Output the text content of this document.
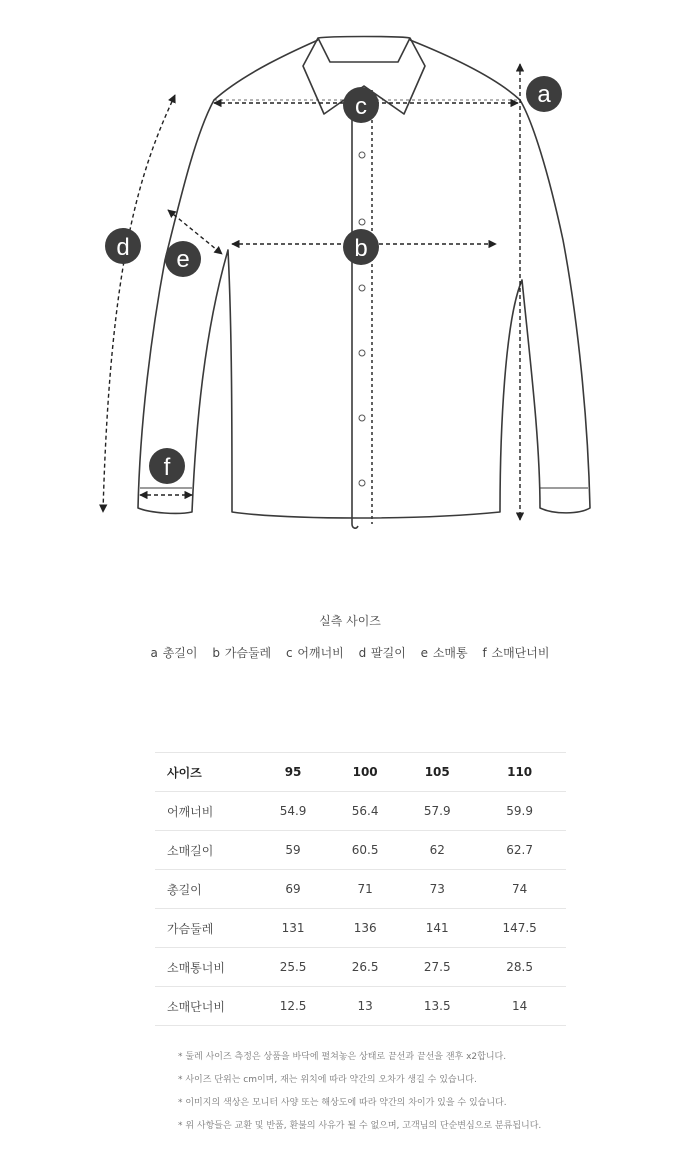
a
b
c
d e
f
실측 사이즈
a 총길이 b 가슴둘레 c 어깨너비 d 팔길이 e 소매통 f 소매단너비
사이즈	95	100	105	110
어깨너비	54.9	56.4	57.9	59.9
소매길이	59	60.5	62	62.7
총길이	69	71	73	74
가슴둘레	131	136	141	147.5
소매통너비	25.5	26.5	27.5	28.5
소매단너비	12.5	13	13.5	14
* 둘레 사이즈 측정은 상품을 바닥에 펼쳐놓은 상태로 끝선과 끝선을 잰후 x2합니다.
* 사이즈 단위는 cm이며, 재는 위치에 따라 약간의 오차가 생길 수 있습니다.
* 이미지의 색상은 모니터 사양 또는 해상도에 따라 약간의 차이가 있을 수 있습니다.
* 위 사항들은 교환 및 반품, 환불의 사유가 될 수 없으며, 고객님의 단순변심으로 분류됩니다.
